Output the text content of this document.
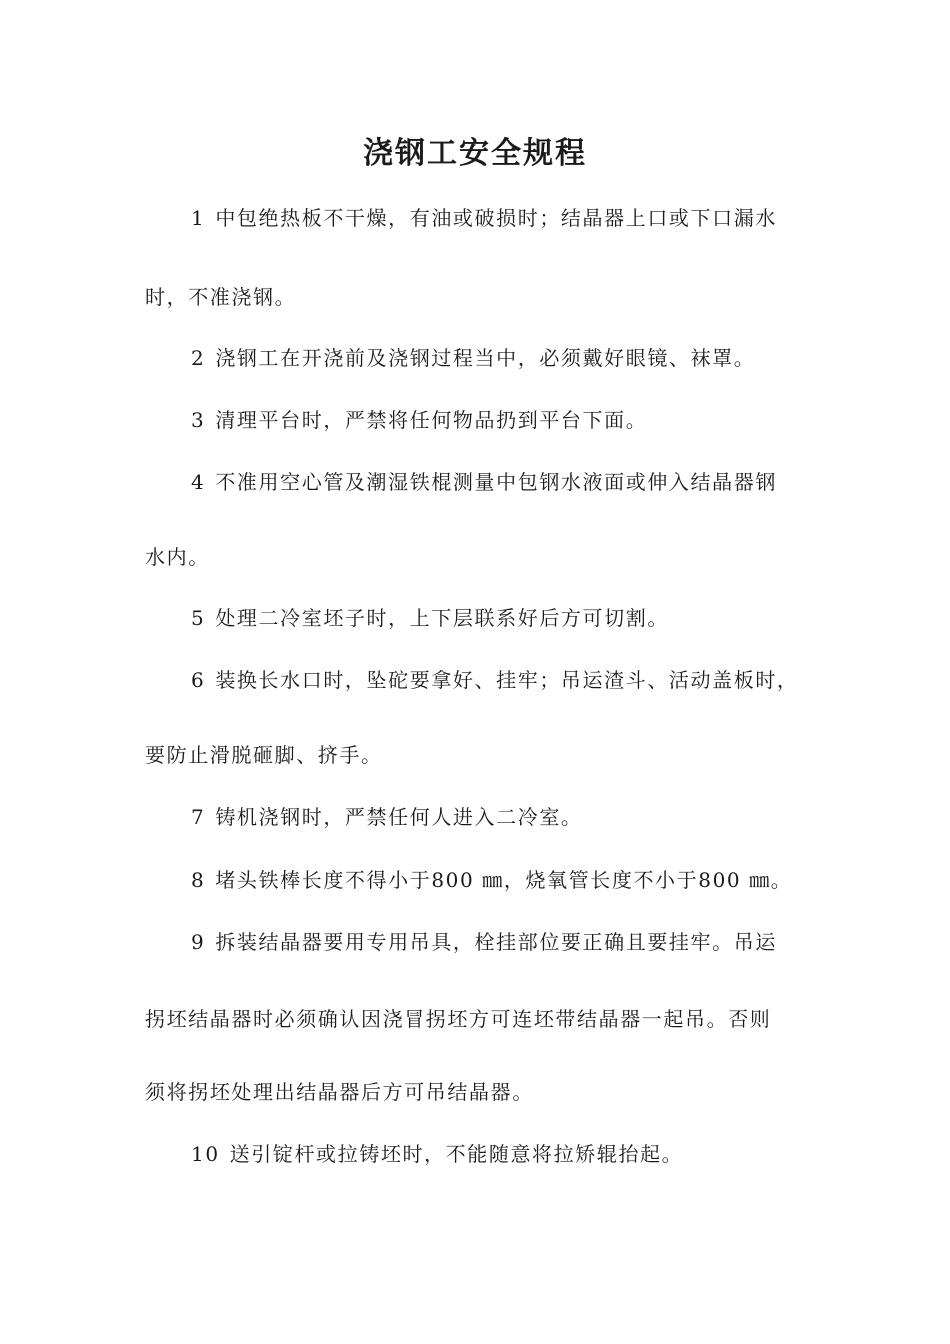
浇钢工安全规程

1 中包绝热板不干燥，有油或破损时；结晶器上口或下口漏水

时，不准浇钢。

2 浇钢工在开浇前及浇钢过程当中，必须戴好眼镜、袜罩。

3 清理平台时，严禁将任何物品扔到平台下面。

4 不准用空心管及潮湿铁棍测量中包钢水液面或伸入结晶器钢

水内。

5 处理二冷室坯子时，上下层联系好后方可切割。

6 装换长水口时，坠砣要拿好、挂牢；吊运渣斗、活动盖板时，

要防止滑脱砸脚、挤手。

7 铸机浇钢时，严禁任何人进入二冷室。

8 堵头铁棒长度不得小于800 ㎜，烧氧管长度不小于800 ㎜。

9 拆装结晶器要用专用吊具，栓挂部位要正确且要挂牢。吊运

拐坯结晶器时必须确认因浇冒拐坯方可连坯带结晶器一起吊。否则

须将拐坯处理出结晶器后方可吊结晶器。

10 送引锭杆或拉铸坯时，不能随意将拉矫辊抬起。
